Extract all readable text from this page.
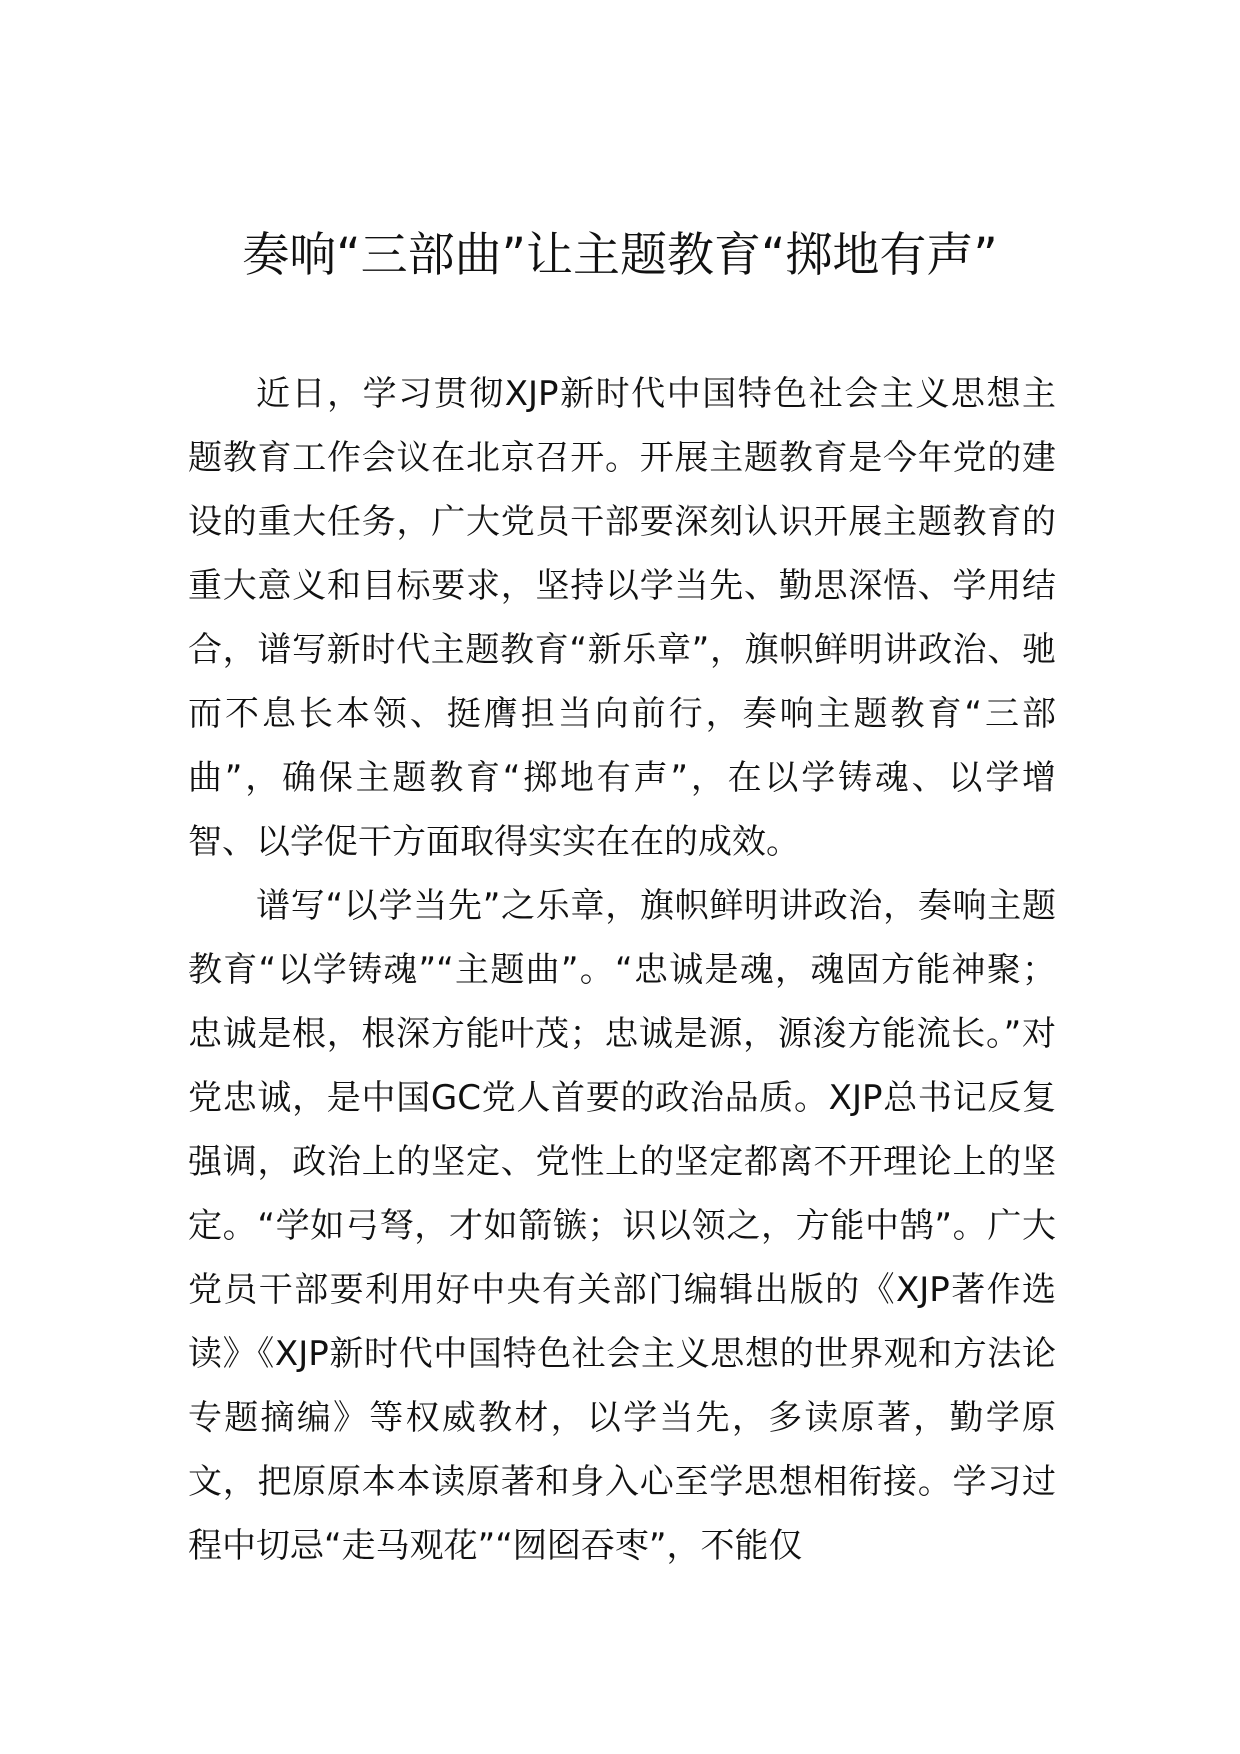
奏响“三部曲”让主题教育“掷地有声”

近日，学习贯彻XJP新时代中国特色社会主义思想主题教育工作会议在北京召开。开展主题教育是今年党的建设的重大任务，广大党员干部要深刻认识开展主题教育的重大意义和目标要求，坚持以学当先、勤思深悟、学用结合，谱写新时代主题教育“新乐章”，旗帜鲜明讲政治、驰而不息长本领、挺膺担当向前行，奏响主题教育“三部曲”，确保主题教育“掷地有声”，在以学铸魂、以学增智、以学促干方面取得实实在在的成效。

谱写“以学当先”之乐章，旗帜鲜明讲政治，奏响主题教育“以学铸魂”“主题曲”。“忠诚是魂，魂固方能神聚；忠诚是根，根深方能叶茂；忠诚是源，源浚方能流长。”对党忠诚，是中国GC党人首要的政治品质。XJP总书记反复强调，政治上的坚定、党性上的坚定都离不开理论上的坚定。“学如弓弩，才如箭镞；识以领之，方能中鹄”。广大党员干部要利用好中央有关部门编辑出版的《XJP著作选读》《XJP新时代中国特色社会主义思想的世界观和方法论专题摘编》等权威教材，以学当先，多读原著，勤学原文，把原原本本读原著和身入心至学思想相衔接。学习过程中切忌“走马观花”“囫囵吞枣”，不能仅
